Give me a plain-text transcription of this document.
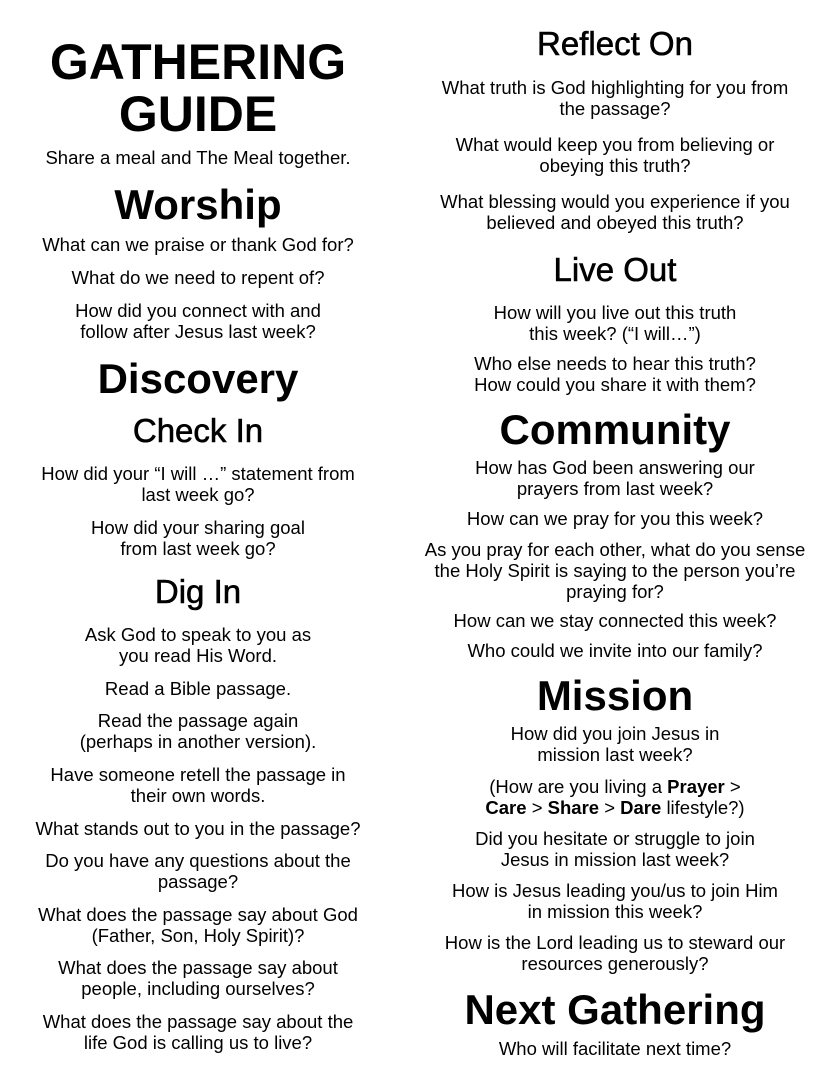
GATHERING GUIDE

Share a meal and The Meal together.

Worship

What can we praise or thank God for?

What do we need to repent of?

How did you connect with and follow after Jesus last week?

Discovery
Check In

How did your “I will …” statement from last week go?

How did your sharing goal from last week go?

Dig In

Ask God to speak to you as you read His Word.

Read a Bible passage.

Read the passage again (perhaps in another version).

Have someone retell the passage in their own words.

What stands out to you in the passage?

Do you have any questions about the passage?

What does the passage say about God (Father, Son, Holy Spirit)?

What does the passage say about people, including ourselves?

What does the passage say about the life God is calling us to live?

Reflect On

What truth is God highlighting for you from the passage?

What would keep you from believing or obeying this truth?

What blessing would you experience if you believed and obeyed this truth?

Live Out

How will you live out this truth this week? (“I will…”)

Who else needs to hear this truth? How could you share it with them?

Community

How has God been answering our prayers from last week?

How can we pray for you this week?

As you pray for each other, what do you sense the Holy Spirit is saying to the person you’re praying for?

How can we stay connected this week?

Who could we invite into our family?

Mission

How did you join Jesus in mission last week?

(How are you living a Prayer > Care > Share > Dare lifestyle?)

Did you hesitate or struggle to join Jesus in mission last week?

How is Jesus leading you/us to join Him in mission this week?

How is the Lord leading us to steward our resources generously?

Next Gathering

Who will facilitate next time?
